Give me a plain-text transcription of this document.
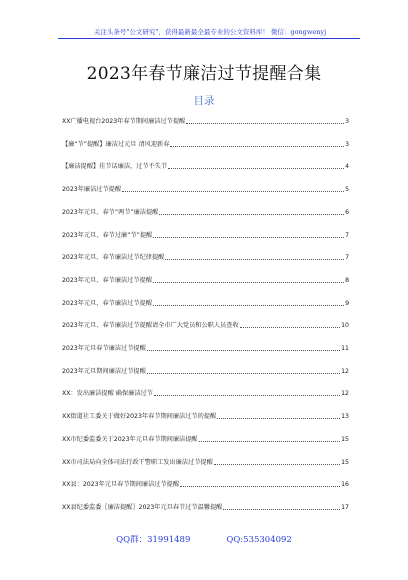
关注头条号"公文研究"，获得最新最全最专业的公文资料库！ 微信：gongwenyj
2023年春节廉洁过节提醒合集
目录
XX广播电视台2023年春节期间廉洁过节提醒	3
【廉“节”提醒】廉洁过元旦 清风迎新春	3
【廉洁提醒】佳节话廉洁，过节不失节	4
2023年廉洁过节提醒	5
2023年元旦、春节“两节”廉洁提醒	6
2023年元旦、春节过廉“节”提醒	7
2023年元旦、春节廉洁过节纪律提醒	7
2023年元旦、春节廉洁过节提醒	8
2023年元旦、春节廉洁过节提醒	9
2023年元旦、春节廉洁过节提醒请全市广大党员和公职人员查收	10
2023年元旦春节廉洁过节提醒	11
2023年元旦期间廉洁过节提醒	12
XX：发出廉洁提醒 确保廉洁过节	12
XX街道社工委关于做好2023年春节期间廉洁过节的提醒	13
XX市纪委监委关于2023年元旦春节期间廉洁提醒	15
XX市司法局向全体司法行政干警职工发出廉洁过节提醒	15
XX县：2023年元旦春节期间廉洁过节提醒	16
XX县纪委监委〖廉洁提醒〗2023年元旦春节过节温馨提醒	17
QQ群：31991489	QQ:535304092
